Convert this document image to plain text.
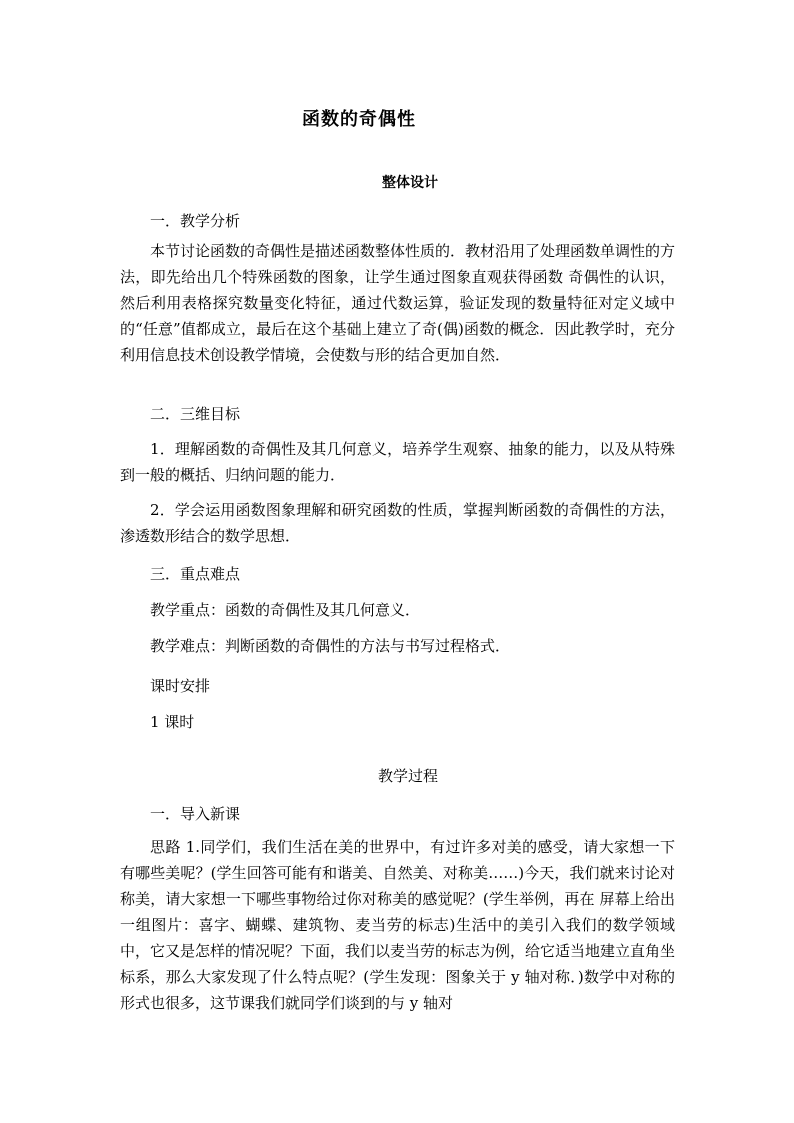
函数的奇偶性
整体设计
一．教学分析
本节讨论函数的奇偶性是描述函数整体性质的．教材沿用了处理函数单调性的方法，即先给出几个特殊函数的图象，让学生通过图象直观获得函数 奇偶性的认识，然后利用表格探究数量变化特征，通过代数运算，验证发现的数量特征对定义域中的“任意”值都成立，最后在这个基础上建立了奇(偶)函数的概念．因此教学时，充分利用信息技术创设教学情境，会使数与形的结合更加自然．
二．三维目标
1．理解函数的奇偶性及其几何意义，培养学生观察、抽象的能力，以及从特殊到一般的概括、归纳问题的能力．
2．学会运用函数图象理解和研究函数的性质，掌握判断函数的奇偶性的方法，渗透数形结合的数学思想．
三．重点难点
教学重点：函数的奇偶性及其几何意义．
教学难点：判断函数的奇偶性的方法与书写过程格式．
课时安排
1 课时
教学过程
一．导入新课
思路 1.同学们，我们生活在美的世界中，有过许多对美的感受，请大家想一下有哪些美呢？(学生回答可能有和谐美、自然美、对称美……)今天，我们就来讨论对称美，请大家想一下哪些事物给过你对称美的感觉呢？(学生举例，再在 屏幕上给出一组图片：喜字、蝴蝶、建筑物、麦当劳的标志)生活中的美引入我们的数学领域中，它又是怎样的情况呢？下面，我们以麦当劳的标志为例，给它适当地建立直角坐标系，那么大家发现了什么特点呢？(学生发现：图象关于 y 轴对称．)数学中对称的形式也很多，这节课我们就同学们谈到的与 y 轴对
